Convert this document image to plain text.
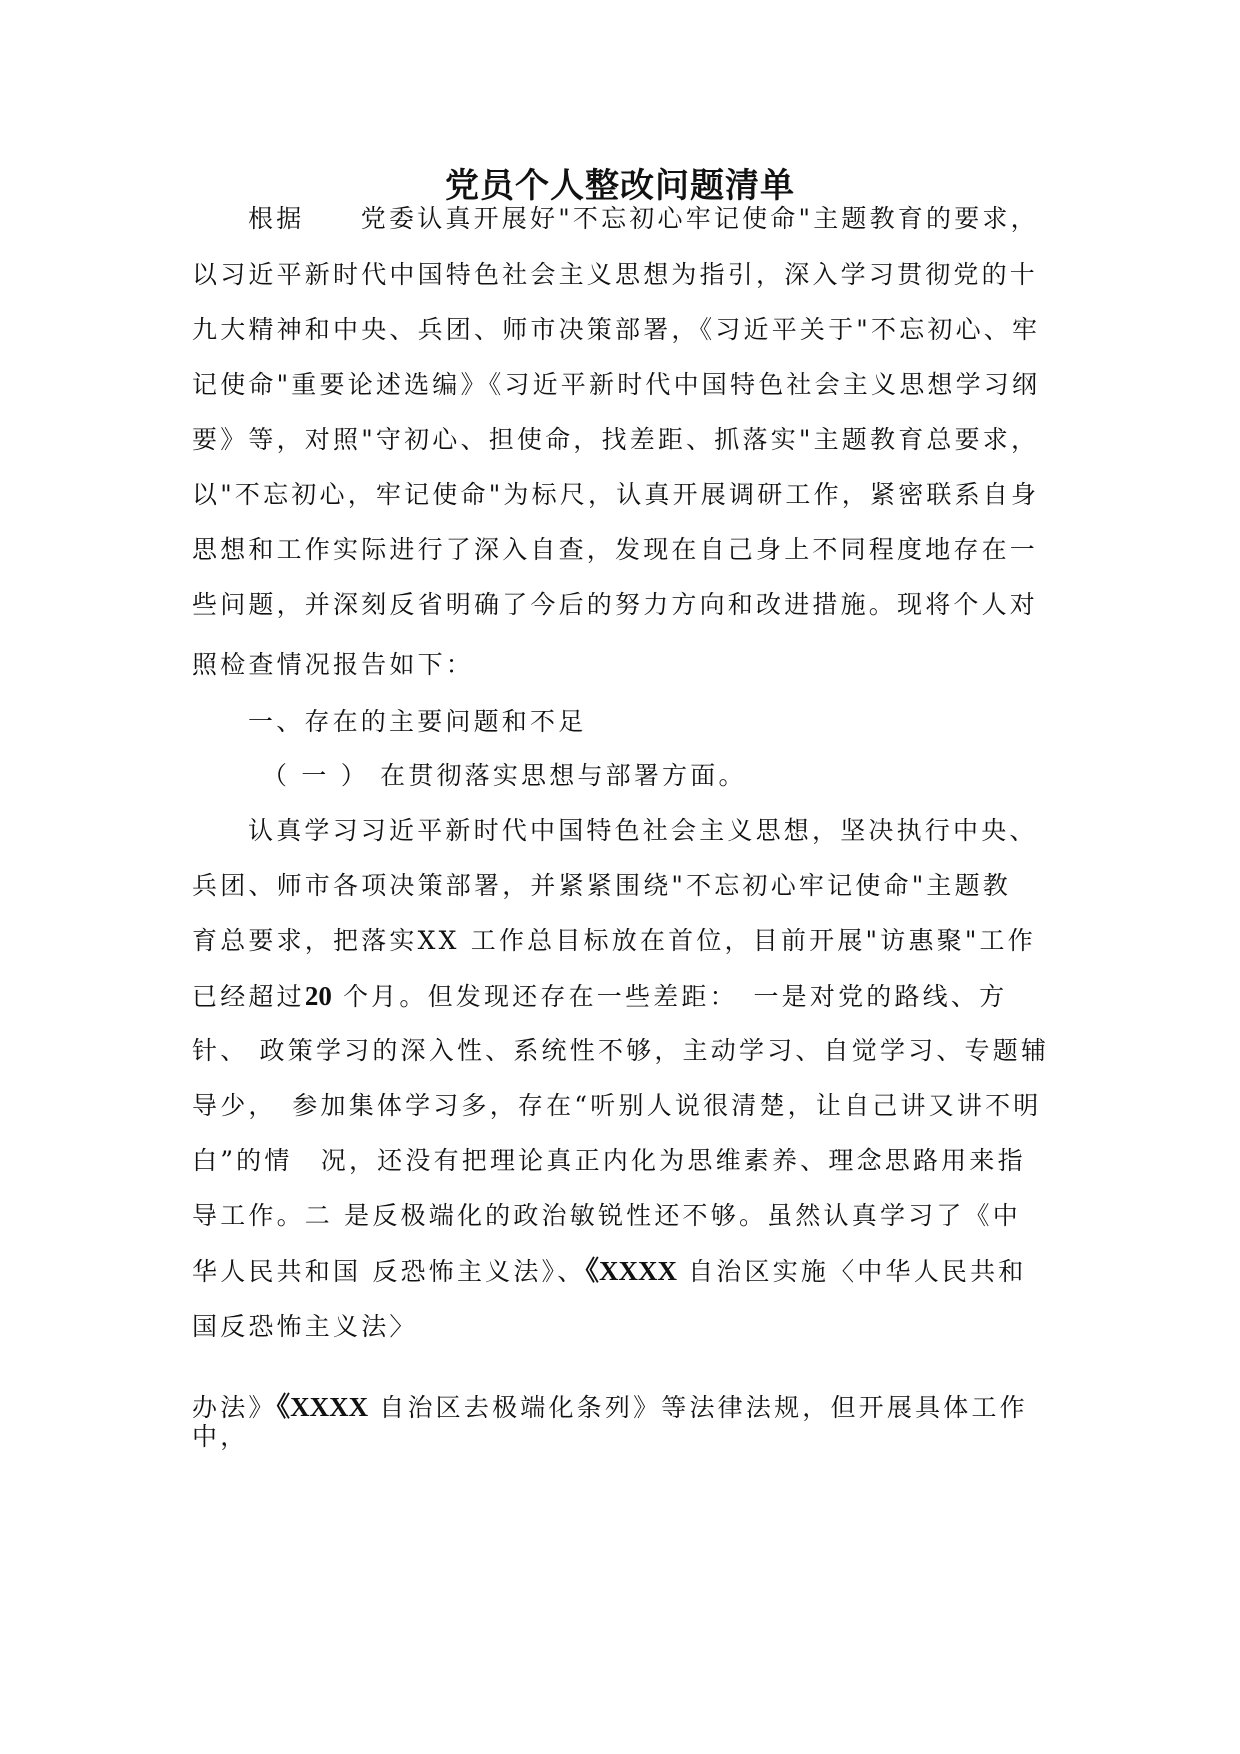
党员个人整改问题清单
根据　　党委认真开展好"不忘初心牢记使命"主题教育的要求，
以习近平新时代中国特色社会主义思想为指引，深入学习贯彻党的十
九大精神和中央、兵团、师市决策部署，《习近平关于"不忘初心、牢
记使命"重要论述选编》《习近平新时代中国特色社会主义思想学习纲
要》等，对照"守初心、担使命，找差距、抓落实"主题教育总要求，
以"不忘初心，牢记使命"为标尺，认真开展调研工作，紧密联系自身
思想和工作实际进行了深入自查，发现在自己身上不同程度地存在一
些问题，并深刻反省明确了今后的努力方向和改进措施。现将个人对
照检查情况报告如下：
一、存在的主要问题和不足
（ 一 ） 在贯彻落实思想与部署方面。
认真学习习近平新时代中国特色社会主义思想，坚决执行中央、
兵团、师市各项决策部署，并紧紧围绕"不忘初心牢记使命"主题教
育总要求，把落实XX 工作总目标放在首位，目前开展"访惠聚"工作
已经超过20 个月。但发现还存在一些差距：　一是对党的路线、方
针、 政策学习的深入性、系统性不够，主动学习、自觉学习、专题辅
导少，　参加集体学习多，存在“听别人说很清楚，让自己讲又讲不明
白”的情　况，还没有把理论真正内化为思维素养、理念思路用来指
导工作。二 是反极端化的政治敏锐性还不够。虽然认真学习了《中
华人民共和国 反恐怖主义法》、《XXXX 自治区实施〈中华人民共和
国反恐怖主义法〉
办法》《XXXX 自治区去极端化条列》等法律法规，但开展具体工作
中，
